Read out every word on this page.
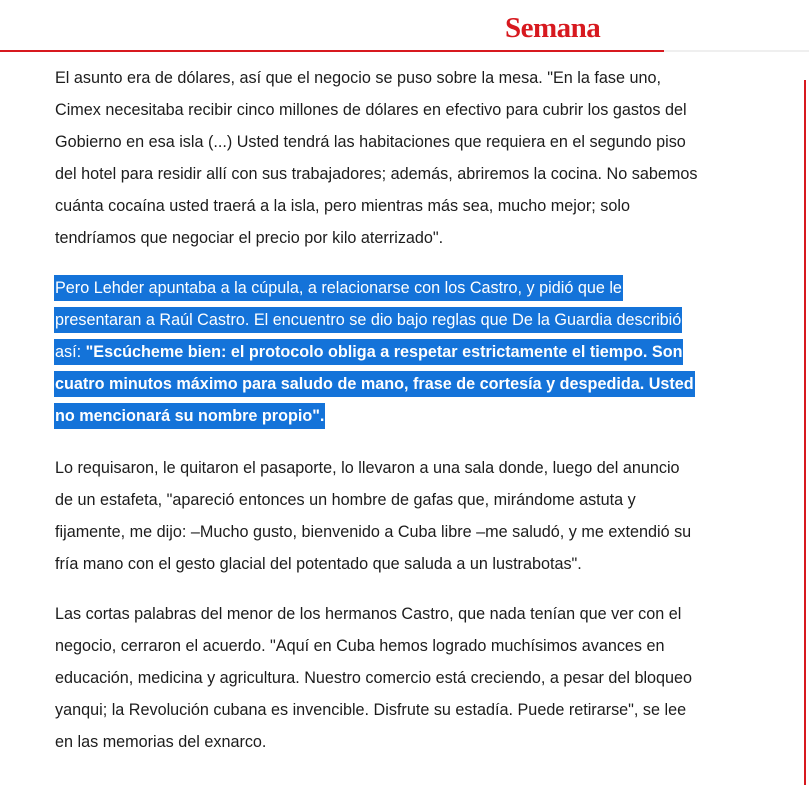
Semana

El asunto era de dólares, así que el negocio se puso sobre la mesa. "En la fase uno, Cimex necesitaba recibir cinco millones de dólares en efectivo para cubrir los gastos del Gobierno en esa isla (...) Usted tendrá las habitaciones que requiera en el segundo piso del hotel para residir allí con sus trabajadores; además, abriremos la cocina. No sabemos cuánta cocaína usted traerá a la isla, pero mientras más sea, mucho mejor; solo tendríamos que negociar el precio por kilo aterrizado".

Pero Lehder apuntaba a la cúpula, a relacionarse con los Castro, y pidió que le presentaran a Raúl Castro. El encuentro se dio bajo reglas que De la Guardia describió así: "Escúcheme bien: el protocolo obliga a respetar estrictamente el tiempo. Son cuatro minutos máximo para saludo de mano, frase de cortesía y despedida. Usted no mencionará su nombre propio".

Lo requisaron, le quitaron el pasaporte, lo llevaron a una sala donde, luego del anuncio de un estafeta, "apareció entonces un hombre de gafas que, mirándome astuta y fijamente, me dijo: –Mucho gusto, bienvenido a Cuba libre –me saludó, y me extendió su fría mano con el gesto glacial del potentado que saluda a un lustrabotas".

Las cortas palabras del menor de los hermanos Castro, que nada tenían que ver con el negocio, cerraron el acuerdo. "Aquí en Cuba hemos logrado muchísimos avances en educación, medicina y agricultura. Nuestro comercio está creciendo, a pesar del bloqueo yanqui; la Revolución cubana es invencible. Disfrute su estadía. Puede retirarse", se lee en las memorias del exnarco.
